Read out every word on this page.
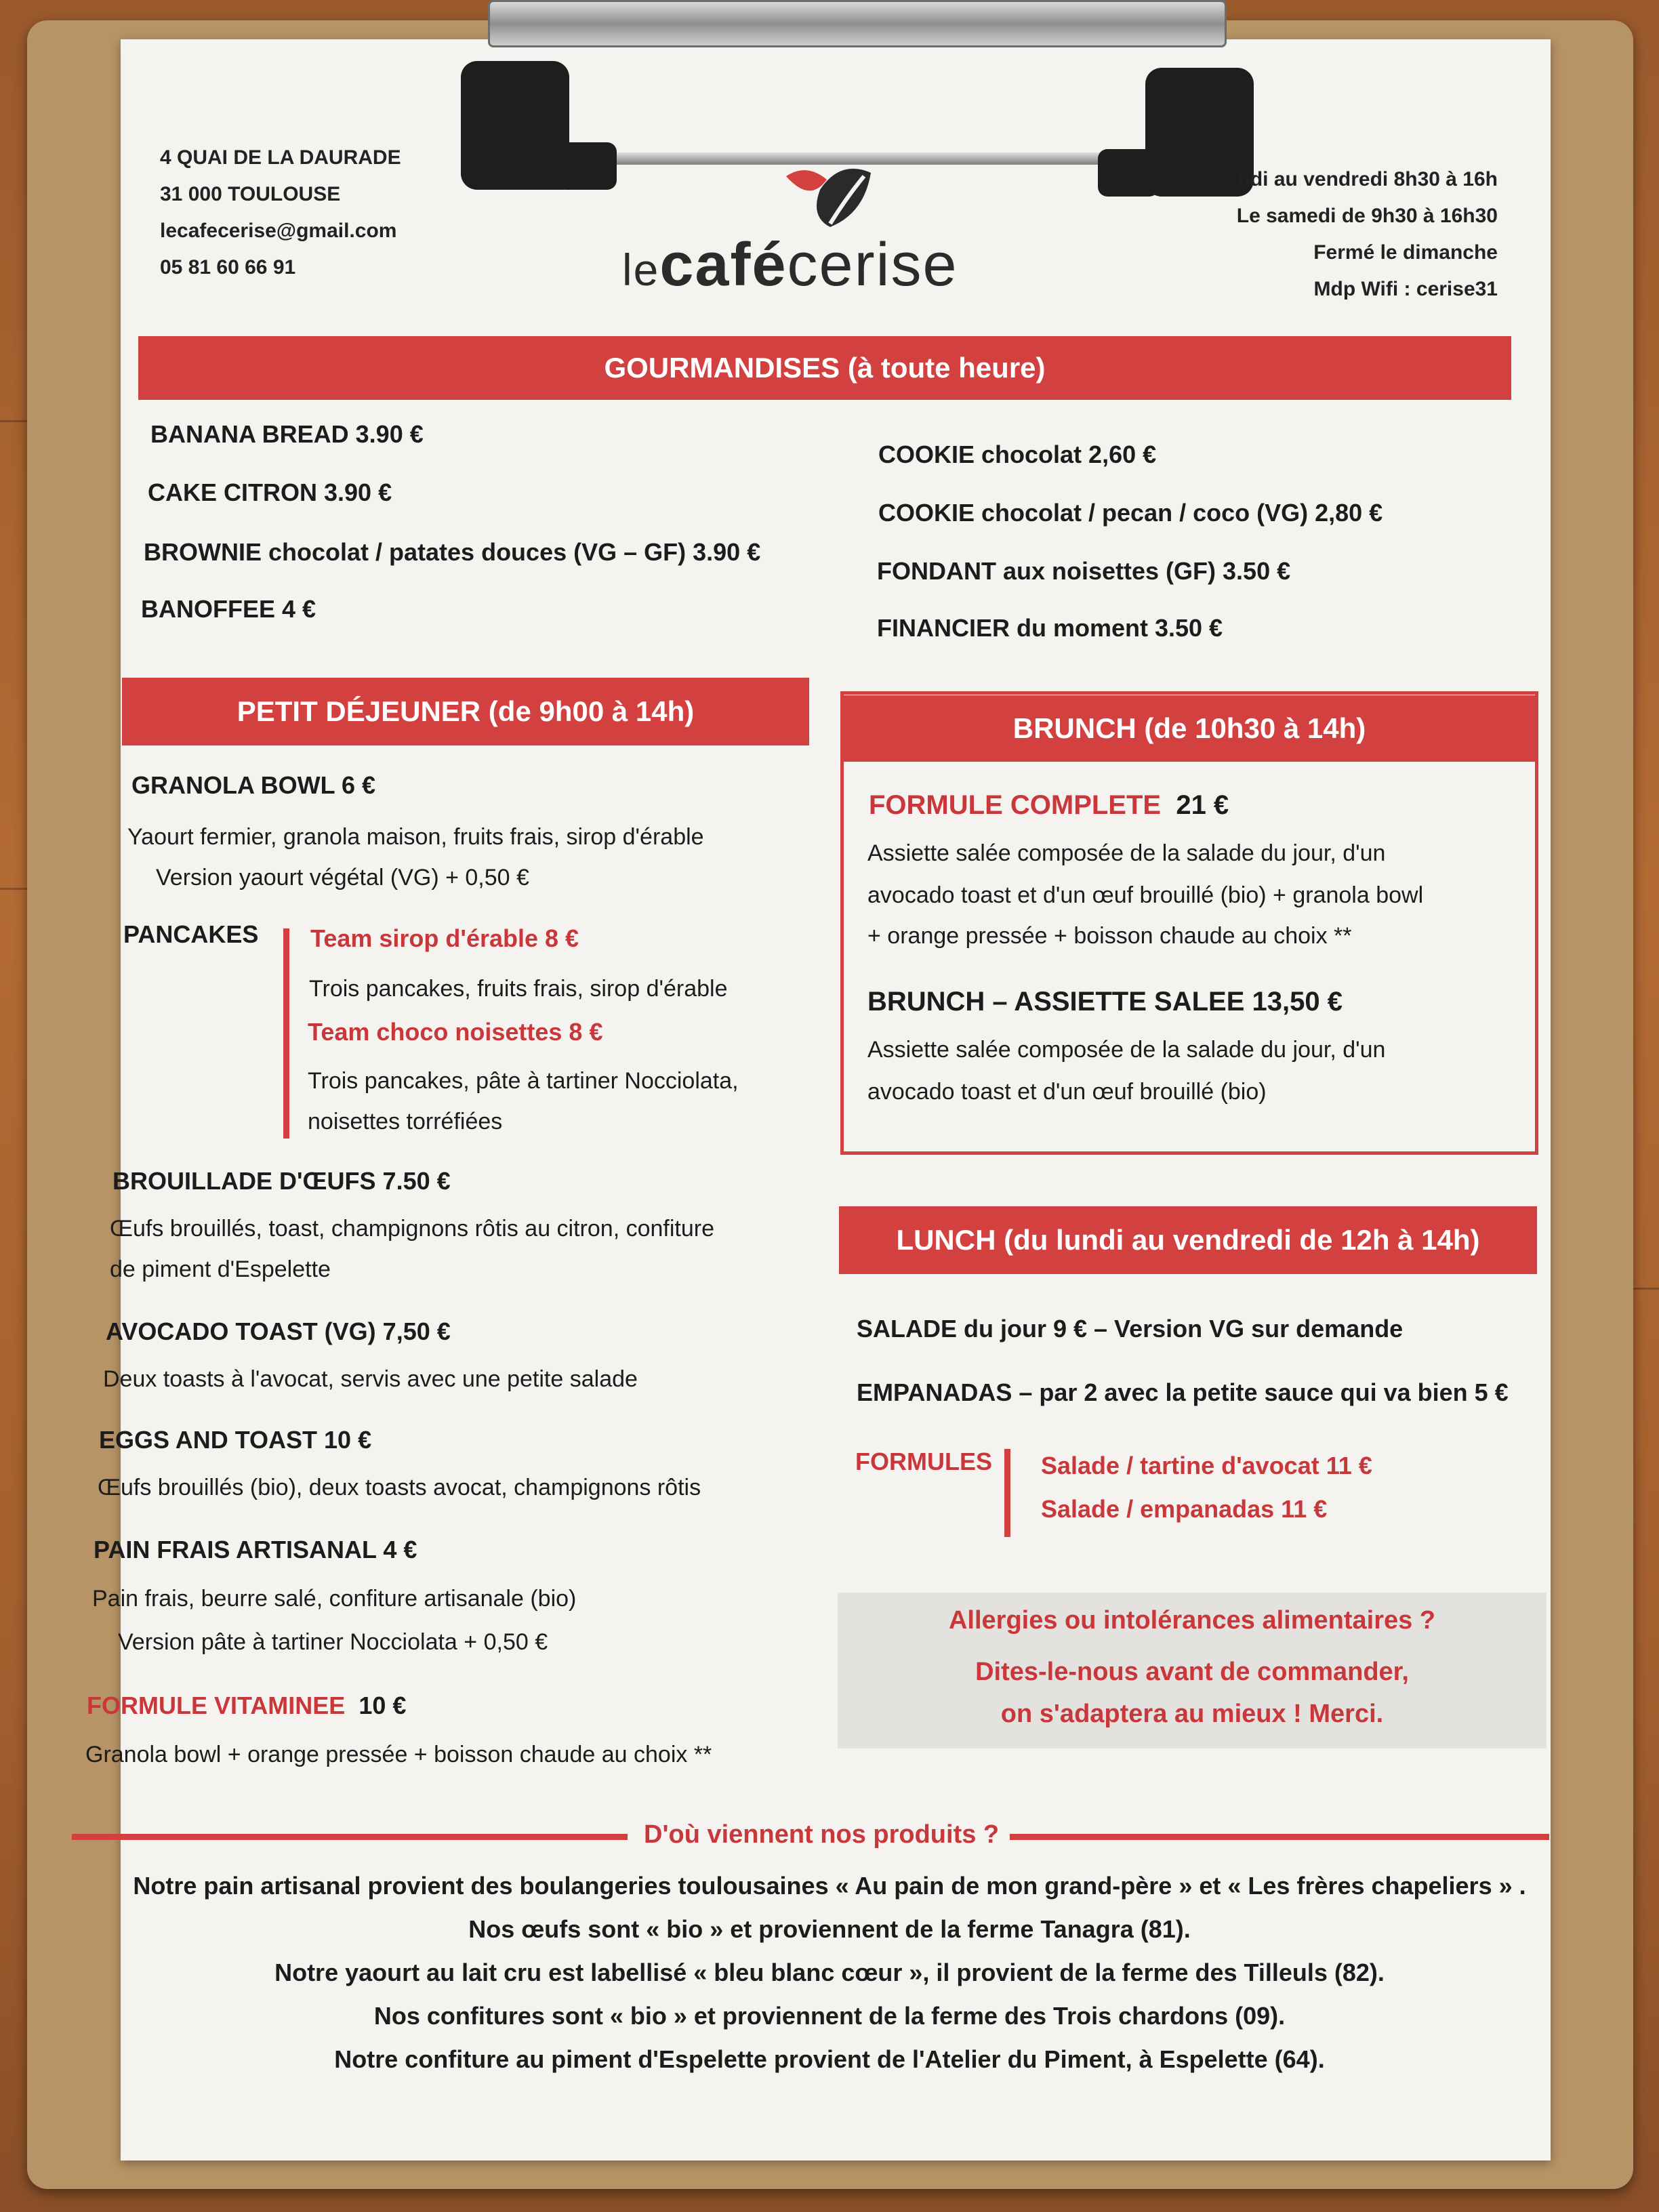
4 QUAI DE LA DAURADE
31 000 TOULOUSE
lecafecerise@gmail.com
05 81 60 66 91	lecafécerise
ndi au vendredi 8h30 à 16h
Le samedi de 9h30 à 16h30
Fermé le dimanche
Mdp Wifi : cerise31
GOURMANDISES (à toute heure)
BANANA BREAD 3.90 €
CAKE CITRON 3.90 €
BROWNIE chocolat / patates douces (VG – GF) 3.90 €
BANOFFEE 4 €
COOKIE chocolat 2,60 €
COOKIE chocolat / pecan / coco (VG) 2,80 €
FONDANT aux noisettes (GF) 3.50 €
FINANCIER du moment 3.50 €
PETIT DÉJEUNER (de 9h00 à 14h)
GRANOLA BOWL 6 €
Yaourt fermier, granola maison, fruits frais, sirop d'érable
Version yaourt végétal (VG) + 0,50 €
PANCAKES Team sirop d'érable 8 €
Trois pancakes, fruits frais, sirop d'érable
Team choco noisettes 8 €
Trois pancakes, pâte à tartiner Nocciolata,
noisettes torréfiées
BROUILLADE D'ŒUFS 7.50 €
Œufs brouillés, toast, champignons rôtis au citron, confiture
de piment d'Espelette
AVOCADO TOAST (VG) 7,50 €
Deux toasts à l'avocat, servis avec une petite salade
EGGS AND TOAST 10 €
Œufs brouillés (bio), deux toasts avocat, champignons rôtis
PAIN FRAIS ARTISANAL 4 €
Pain frais, beurre salé, confiture artisanale (bio)
Version pâte à tartiner Nocciolata + 0,50 €
FORMULE VITAMINEE 10 €
Granola bowl + orange pressée + boisson chaude au choix **
BRUNCH (de 10h30 à 14h)
FORMULE COMPLETE 21 €
Assiette salée composée de la salade du jour, d'un
avocado toast et d'un œuf brouillé (bio) + granola bowl
+ orange pressée + boisson chaude au choix **
BRUNCH – ASSIETTE SALEE 13,50 €
Assiette salée composée de la salade du jour, d'un
avocado toast et d'un œuf brouillé (bio)
LUNCH (du lundi au vendredi de 12h à 14h)
SALADE du jour 9 € – Version VG sur demande
EMPANADAS – par 2 avec la petite sauce qui va bien 5 €
FORMULES Salade / tartine d'avocat 11 €
Salade / empanadas 11 €
Allergies ou intolérances alimentaires ?
Dites-le-nous avant de commander,
on s'adaptera au mieux ! Merci.
D'où viennent nos produits ?
Notre pain artisanal provient des boulangeries toulousaines « Au pain de mon grand-père » et « Les frères chapeliers » .
Nos œufs sont « bio » et proviennent de la ferme Tanagra (81).
Notre yaourt au lait cru est labellisé « bleu blanc cœur », il provient de la ferme des Tilleuls (82).
Nos confitures sont « bio » et proviennent de la ferme des Trois chardons (09).
Notre confiture au piment d'Espelette provient de l'Atelier du Piment, à Espelette (64).
